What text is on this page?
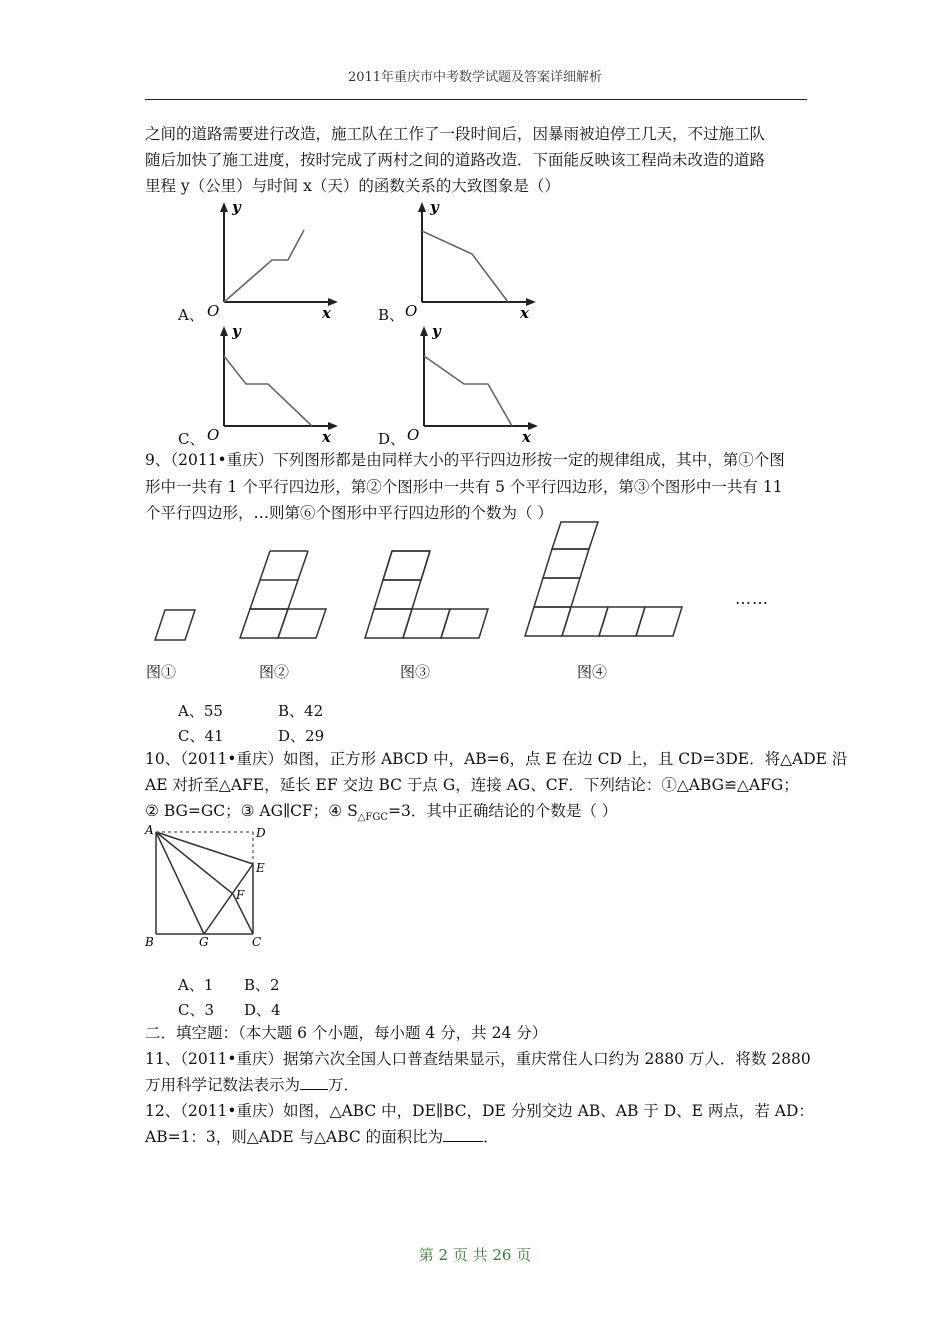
2011年重庆市中考数学试题及答案详细解析
之间的道路需要进行改造，施工队在工作了一段时间后，因暴雨被迫停工几天，不过施工队
随后加快了施工进度，按时完成了两村之间的道路改造．下面能反映该工程尚未改造的道路
里程 y（公里）与时间 x（天）的函数关系的大致图象是（）
A、
y
O	x	B、
y
O	x
C、
y
O	x	D、
y
O	x
9、（2011•重庆）下列图形都是由同样大小的平行四边形按一定的规律组成，其中，第①个图
形中一共有 1 个平行四边形，第②个图形中一共有 5 个平行四边形，第③个图形中一共有 11
个平行四边形，…则第⑥个图形中平行四边形的个数为（ ）
……
图①	图②	图③	图④
A、55	B、42
C、41	D、29
10、（2011•重庆）如图，正方形 ABCD 中，AB=6，点 E 在边 CD 上，且 CD=3DE．将△ADE 沿
AE 对折至△AFE，延长 EF 交边 BC 于点 G，连接 AG、CF．下列结论：①△ABG≌△AFG；
② BG=GC；③ AG∥CF；④ $S_{\triangle FGC}=3$．其中正确结论的个数是（ ）
A	D
E
F
B	G	C
A、1 B、2
C、3 D、4
二．填空题：（本大题 6 个小题，每小题 4 分，共 24 分）
11、（2011•重庆）据第六次全国人口普查结果显示，重庆常住人口约为 2880 万人．将数 2880
万用科学记数法表示为 万．
12、（2011•重庆）如图，△ABC 中，DE∥BC，DE 分别交边 AB、AB 于 D、E 两点，若 AD：
AB=1：3，则△ADE 与△ABC 的面积比为	．
第 2 页 共 26 页
